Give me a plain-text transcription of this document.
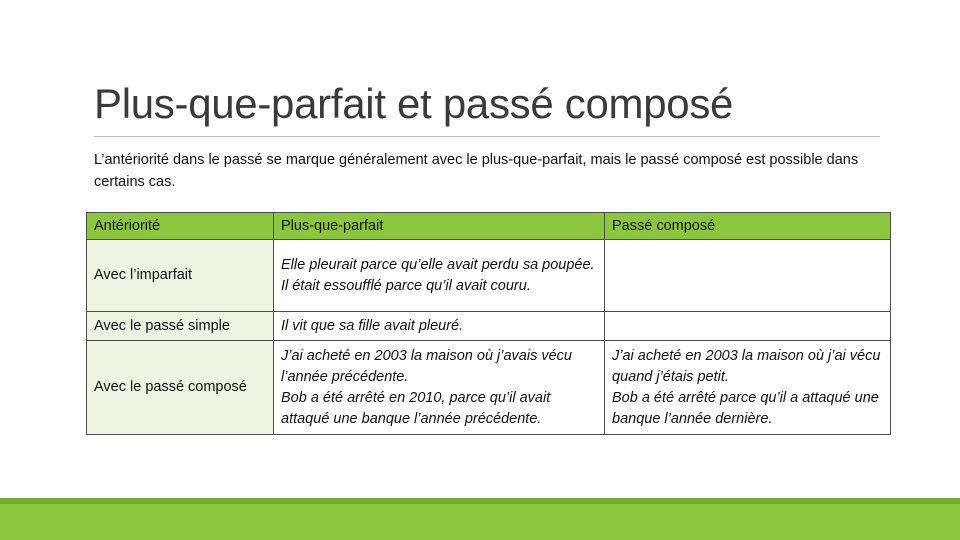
Plus-que-parfait et passé composé
L’antériorité dans le passé se marque généralement avec le plus-que-parfait, mais le passé composé est possible dans certains cas.
Antériorité	Plus-que-parfait	Passé composé
Avec l’imparfait	Elle pleurait parce qu’elle avait perdu sa poupée.
Il était essoufflé parce qu’il avait couru.	

Avec le passé simple	Il vit que sa fille avait pleuré.	

Avec le passé composé	J’ai acheté en 2003 la maison où j’avais vécu l’année précédente.
Bob a été arrêté en 2010, parce qu’il avait attaqué une banque l’année précédente.	J’ai acheté en 2003 la maison où j’ai vécu quand j’étais petit.
Bob a été arrêté parce qu’il a attaqué une banque l’année dernière.
